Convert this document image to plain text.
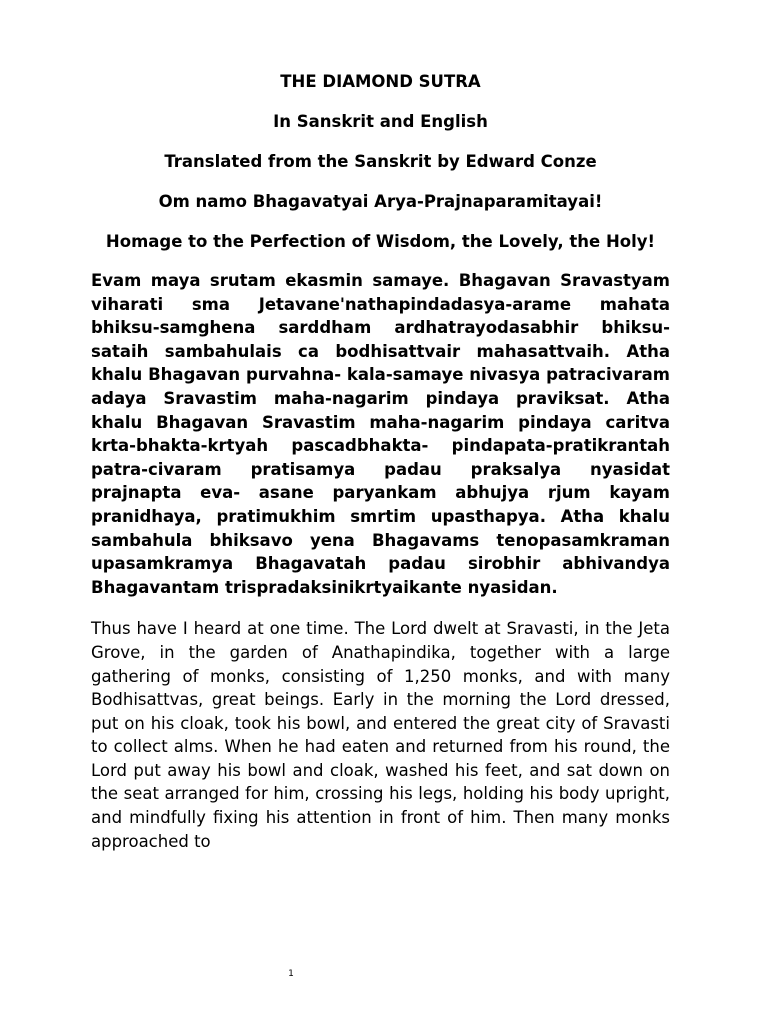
THE DIAMOND SUTRA

In Sanskrit and English

Translated from the Sanskrit by Edward Conze

Om namo Bhagavatyai Arya-Prajnaparamitayai!

Homage to the Perfection of Wisdom, the Lovely, the Holy!

Evam maya srutam ekasmin samaye. Bhagavan Sravastyam viharati sma Jetavane'nathapindadasya-arame mahata bhiksu-samghena sarddham ardhatrayodasabhir bhiksu-sataih sambahulais ca bodhisattvair mahasattvaih. Atha khalu Bhagavan purvahna- kala-samaye nivasya patracivaram adaya Sravastim maha-nagarim pindaya praviksat. Atha khalu Bhagavan Sravastim maha-nagarim pindaya caritva krta-bhakta-krtyah pascadbhakta- pindapata-pratikrantah patra-civaram pratisamya padau praksalya nyasidat prajnapta eva- asane paryankam abhujya rjum kayam pranidhaya, pratimukhim smrtim upasthapya. Atha khalu sambahula bhiksavo yena Bhagavams tenopasamkraman upasamkramya Bhagavatah padau sirobhir abhivandya Bhagavantam trispradaksinikrtyaikante nyasidan.

Thus have I heard at one time. The Lord dwelt at Sravasti, in the Jeta Grove, in the garden of Anathapindika, together with a large gathering of monks, consisting of 1,250 monks, and with many Bodhisattvas, great beings. Early in the morning the Lord dressed, put on his cloak, took his bowl, and entered the great city of Sravasti to collect alms. When he had eaten and returned from his round, the Lord put away his bowl and cloak, washed his feet, and sat down on the seat arranged for him, crossing his legs, holding his body upright, and mindfully fixing his attention in front of him. Then many monks approached to

1
